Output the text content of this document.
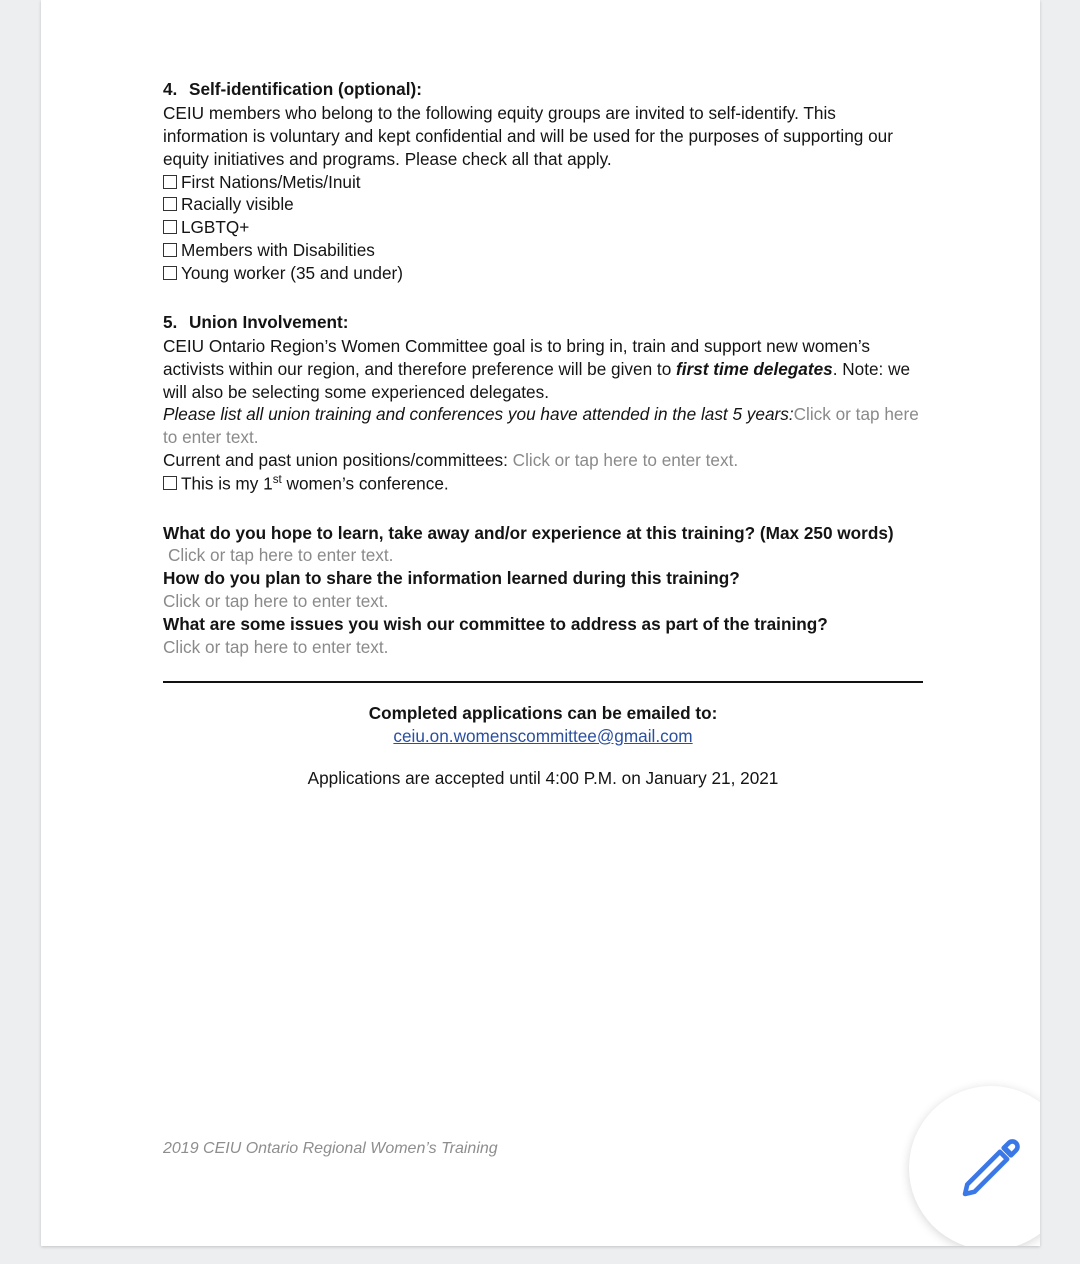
4. Self-identification (optional):

CEIU members who belong to the following equity groups are invited to self-identify. This information is voluntary and kept confidential and will be used for the purposes of supporting our equity initiatives and programs. Please check all that apply.

First Nations/Metis/Inuit
Racially visible
LGBTQ+
Members with Disabilities
Young worker (35 and under)

5. Union Involvement:

CEIU Ontario Region’s Women Committee goal is to bring in, train and support new women’s activists within our region, and therefore preference will be given to first time delegates. Note: we will also be selecting some experienced delegates.

Please list all union training and conferences you have attended in the last 5 years:Click or tap here to enter text.

Current and past union positions/committees: Click or tap here to enter text.

This is my 1st women’s conference.

What do you hope to learn, take away and/or experience at this training? (Max 250 words)

Click or tap here to enter text.

How do you plan to share the information learned during this training?

Click or tap here to enter text.

What are some issues you wish our committee to address as part of the training?

Click or tap here to enter text.

Completed applications can be emailed to:

ceiu.on.womenscommittee@gmail.com

Applications are accepted until 4:00 P.M. on January 21, 2021

2019 CEIU Ontario Regional Women’s Training
